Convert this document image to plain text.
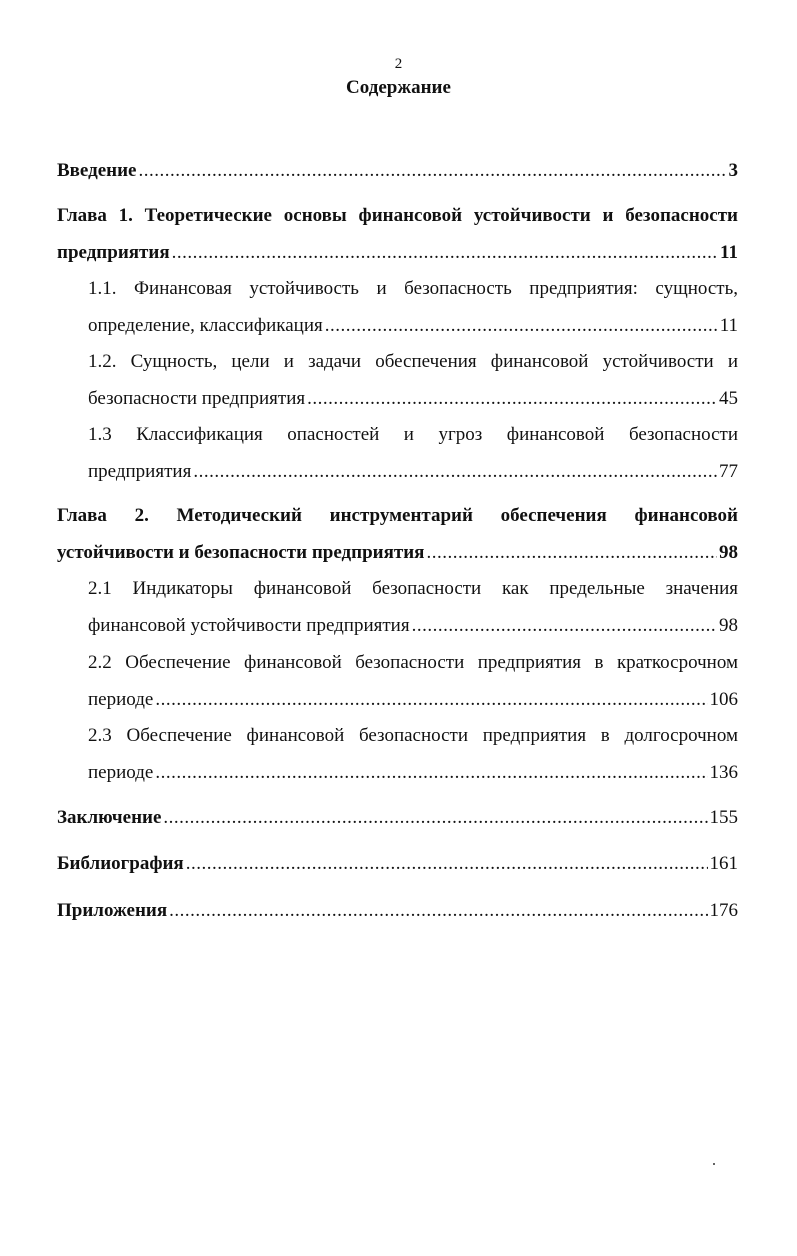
2
Содержание
Введение .....	3
Глава 1. Теоретические основы финансовой устойчивости и безопасности
предприятия .....	11
1.1. Финансовая устойчивость и безопасность предприятия: сущность,
определение, классификация .....	11
1.2. Сущность, цели и задачи обеспечения финансовой устойчивости и
безопасности предприятия .....	45
1.3 Классификация опасностей и угроз финансовой безопасности
предприятия .....	77
Глава 2. Методический инструментарий обеспечения финансовой
устойчивости и безопасности предприятия .....	98
2.1 Индикаторы финансовой безопасности как предельные значения
финансовой устойчивости предприятия .....	98
2.2 Обеспечение финансовой безопасности предприятия в краткосрочном
периоде .....	106
2.3 Обеспечение финансовой безопасности предприятия в долгосрочном
периоде .....	136
Заключение .....	155
Библиография .....	161
Приложения .....	176
